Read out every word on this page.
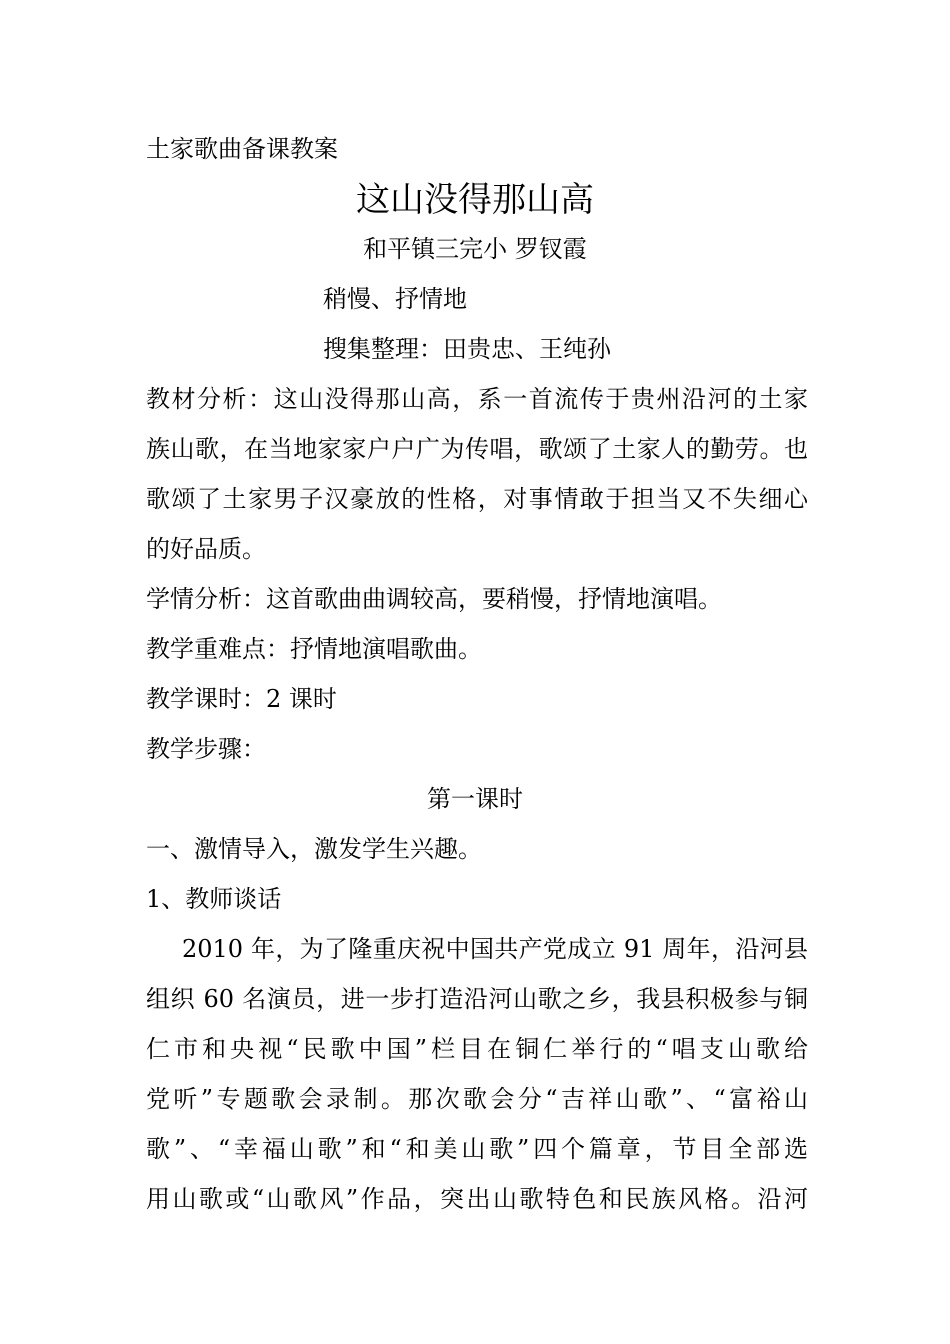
土家歌曲备课教案
这山没得那山高
和平镇三完小 罗钗霞
稍慢、抒情地
搜集整理：田贵忠、王纯孙
教材分析：这山没得那山高，系一首流传于贵州沿河的土家
族山歌，在当地家家户户广为传唱，歌颂了土家人的勤劳。也
歌颂了土家男子汉豪放的性格，对事情敢于担当又不失细心
的好品质。
学情分析：这首歌曲曲调较高，要稍慢，抒情地演唱。
教学重难点：抒情地演唱歌曲。
教学课时：2 课时
教学步骤：
第一课时
一、激情导入，激发学生兴趣。
1、教师谈话
2010 年，为了隆重庆祝中国共产党成立 91 周年，沿河县
组织 60 名演员，进一步打造沿河山歌之乡，我县积极参与铜
仁市和央视“民歌中国”栏目在铜仁举行的“唱支山歌给
党听”专题歌会录制。那次歌会分“吉祥山歌”、“富裕山
歌”、“幸福山歌”和“和美山歌”四个篇章，节目全部选
用山歌或“山歌风”作品，突出山歌特色和民族风格。沿河
